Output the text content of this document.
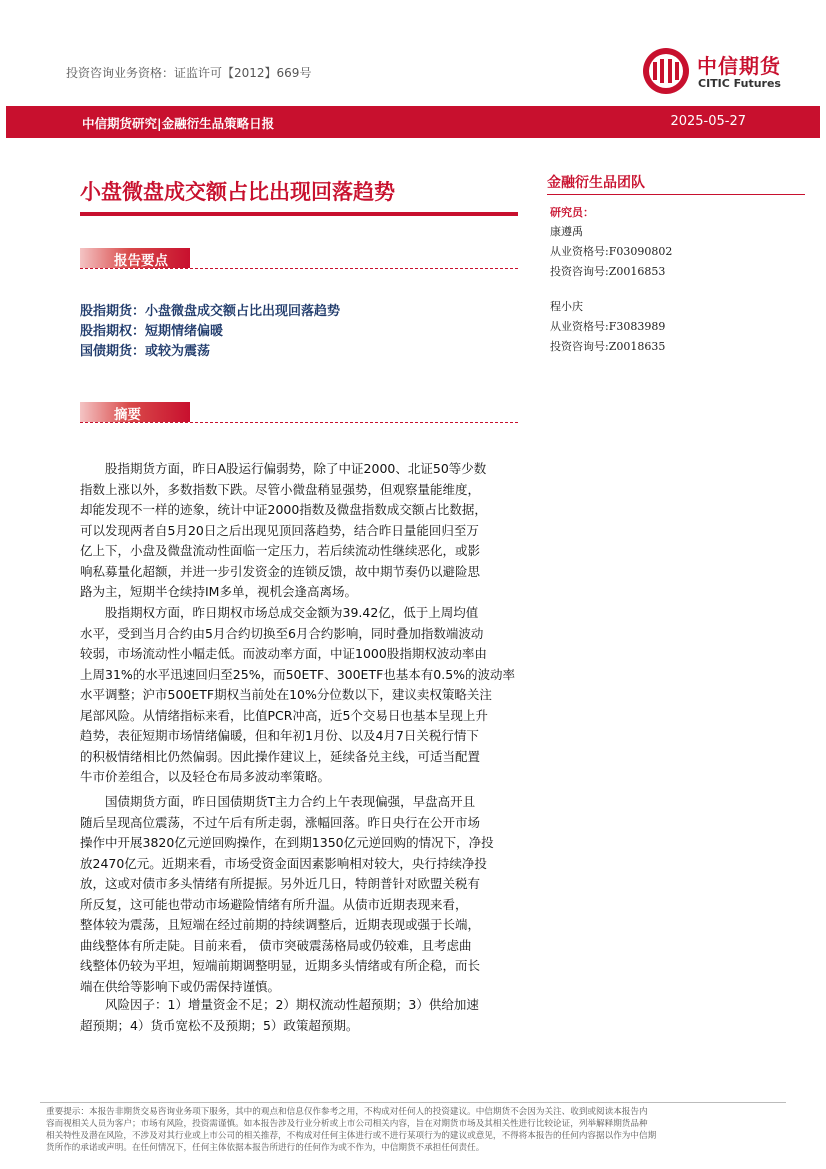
投资咨询业务资格：证监许可【2012】669号	中信期货
CITIC Futures
中信期货研究|金融衍生品策略日报	2025-05-27
小盘微盘成交额占比出现回落趋势
报告要点
股指期货：小盘微盘成交额占比出现回落趋势
股指期权：短期情绪偏暖
国债期货：或较为震荡
摘要
股指期货方面，昨日A股运行偏弱势，除了中证2000、北证50等少数
指数上涨以外，多数指数下跌。尽管小微盘稍显强势，但观察量能维度，
却能发现不一样的迹象，统计中证2000指数及微盘指数成交额占比数据，
可以发现两者自5月20日之后出现见顶回落趋势，结合昨日量能回归至万
亿上下，小盘及微盘流动性面临一定压力，若后续流动性继续恶化，或影
响私募量化超额，并进一步引发资金的连锁反馈，故中期节奏仍以避险思
路为主，短期半仓续持IM多单，视机会逢高离场。
股指期权方面，昨日期权市场总成交金额为39.42亿，低于上周均值
水平，受到当月合约由5月合约切换至6月合约影响，同时叠加指数端波动
较弱，市场流动性小幅走低。而波动率方面，中证1000股指期权波动率由
上周31%的水平迅速回归至25%，而50ETF、300ETF也基本有0.5%的波动率
水平调整；沪市500ETF期权当前处在10%分位数以下，建议卖权策略关注
尾部风险。从情绪指标来看，比值PCR冲高，近5个交易日也基本呈现上升
趋势，表征短期市场情绪偏暖，但和年初1月份、以及4月7日关税行情下
的积极情绪相比仍然偏弱。因此操作建议上，延续备兑主线，可适当配置
牛市价差组合，以及轻仓布局多波动率策略。
国债期货方面，昨日国债期货T主力合约上午表现偏强，早盘高开且
随后呈现高位震荡，不过午后有所走弱，涨幅回落。昨日央行在公开市场
操作中开展3820亿元逆回购操作，在到期1350亿元逆回购的情况下，净投
放2470亿元。近期来看，市场受资金面因素影响相对较大，央行持续净投
放，这或对债市多头情绪有所提振。另外近几日，特朗普针对欧盟关税有
所反复，这可能也带动市场避险情绪有所升温。从债市近期表现来看，
整体较为震荡，且短端在经过前期的持续调整后，近期表现或强于长端，
曲线整体有所走陡。目前来看， 债市突破震荡格局或仍较难，且考虑曲
线整体仍较为平坦，短端前期调整明显，近期多头情绪或有所企稳，而长
端在供给等影响下或仍需保持谨慎。
风险因子：1）增量资金不足；2）期权流动性超预期；3）供给加速
超预期；4）货币宽松不及预期；5）政策超预期。
金融衍生品团队
研究员：
康遵禹
从业资格号:F03090802
投资咨询号:Z0016853
程小庆
从业资格号:F3083989
投资咨询号:Z0018635
重要提示：本报告非期货交易咨询业务项下服务，其中的观点和信息仅作参考之用，不构成对任何人的投资建议。中信期货不会因为关注、收到或阅读本报告内
容而视相关人员为客户；市场有风险，投资需谨慎。如本报告涉及行业分析或上市公司相关内容，旨在对期货市场及其相关性进行比较论证，列举解释期货品种
相关特性及潜在风险，不涉及对其行业或上市公司的相关推荐，不构成对任何主体进行或不进行某项行为的建议或意见，不得将本报告的任何内容据以作为中信期
货所作的承诺或声明。在任何情况下，任何主体依据本报告所进行的任何作为或不作为，中信期货不承担任何责任。
